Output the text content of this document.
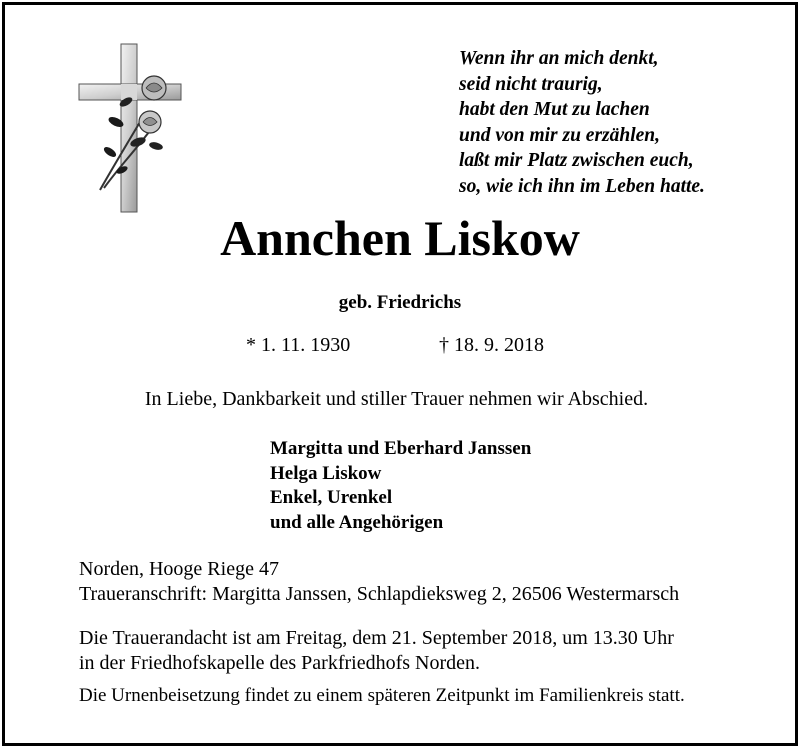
Wenn ihr an mich denkt,
seid nicht traurig,
habt den Mut zu lachen
und von mir zu erzählen,
laßt mir Platz zwischen euch,
so, wie ich ihn im Leben hatte.
Annchen Liskow
geb. Friedrichs
* 1. 11. 1930	† 18. 9. 2018
In Liebe, Dankbarkeit und stiller Trauer nehmen wir Abschied.
Margitta und Eberhard Janssen
Helga Liskow
Enkel, Urenkel
und alle Angehörigen
Norden, Hooge Riege 47
Traueranschrift: Margitta Janssen, Schlapdieksweg 2, 26506 Westermarsch
Die Trauerandacht ist am Freitag, dem 21. September 2018, um 13.30 Uhr
in der Friedhofskapelle des Parkfriedhofs Norden.
Die Urnenbeisetzung findet zu einem späteren Zeitpunkt im Familienkreis statt.
